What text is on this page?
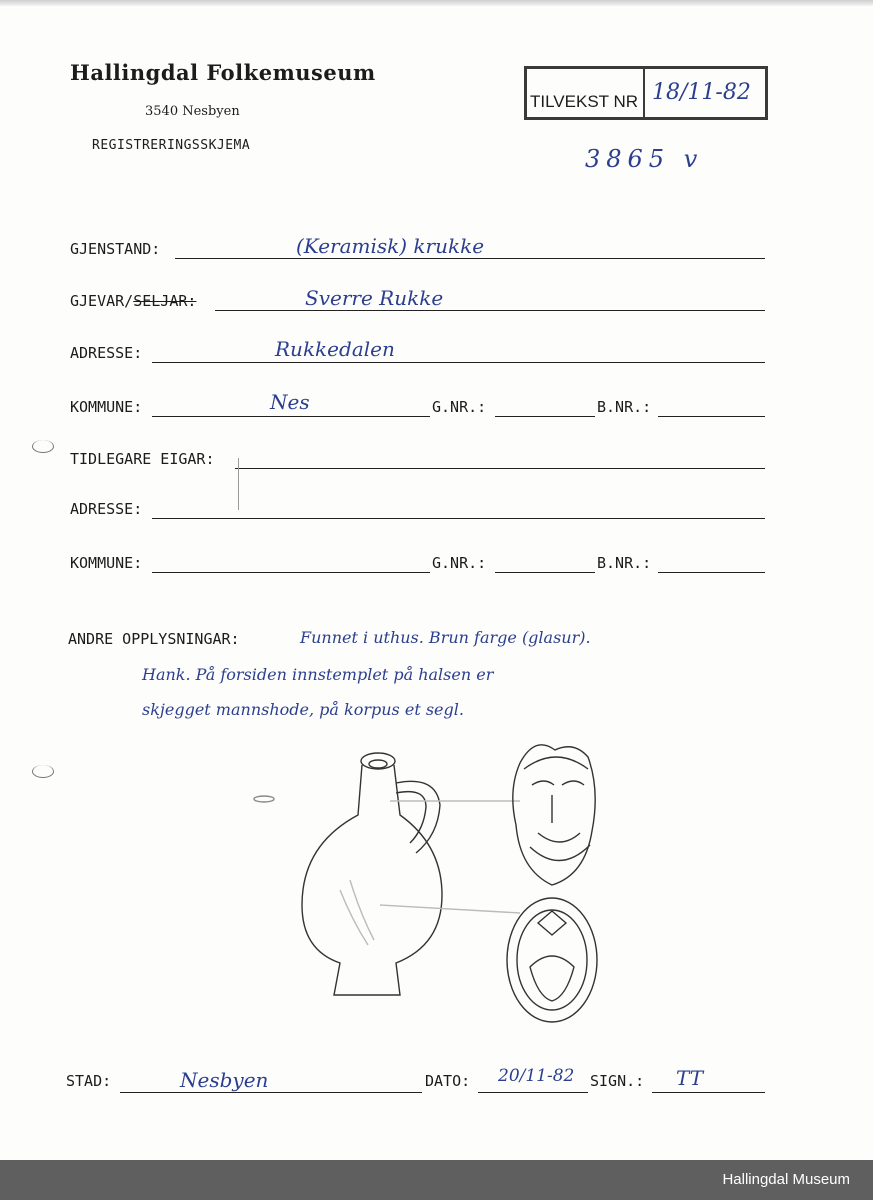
Hallingdal Folkemuseum
3540 Nesbyen
REGISTRERINGSSKJEMA
TILVEKST NR 18/11-82
3865 v
GJENSTAND:	(Keramisk) krukke
GJEVAR/SELJAR:	Sverre Rukke
ADRESSE:	Rukkedalen
KOMMUNE:	Nes	G.NR.:	B.NR.:
TIDLEGARE EIGAR:
ADRESSE:
KOMMUNE:	G.NR.:	B.NR.:
ANDRE OPPLYSNINGAR:	Funnet i uthus. Brun farge (glasur).
Hank. På forsiden innstemplet på halsen er
skjegget mannshode, på korpus et segl.
STAD:	Nesbyen	DATO: 20/11-82 SIGN.: TT
Hallingdal Museum
